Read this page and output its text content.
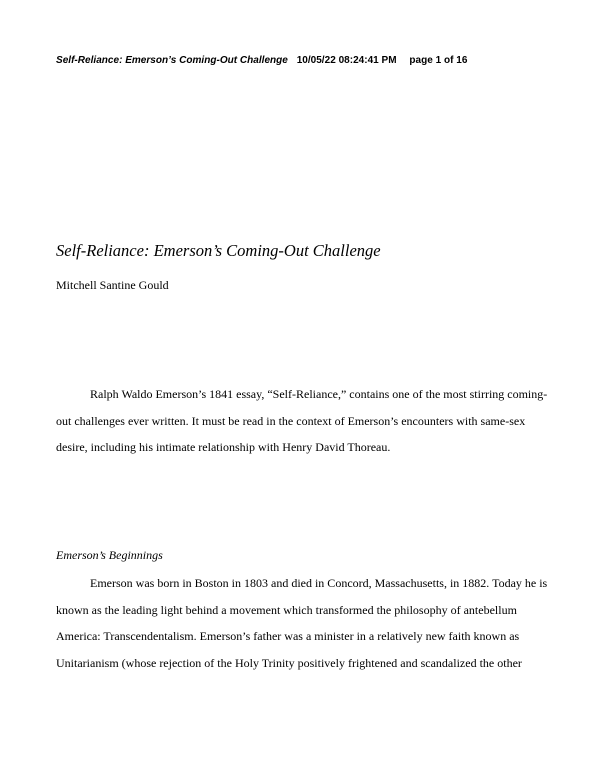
Self-Reliance: Emerson’s Coming-Out Challenge 10/05/22 08:24:41 PM page 1 of 16
Self-Reliance: Emerson’s Coming-Out Challenge
Mitchell Santine Gould
Ralph Waldo Emerson’s 1841 essay, “Self-Reliance,” contains one of the most stirring coming-
out challenges ever written. It must be read in the context of Emerson’s encounters with same-sex
desire, including his intimate relationship with Henry David Thoreau.
Emerson’s Beginnings
Emerson was born in Boston in 1803 and died in Concord, Massachusetts, in 1882. Today he is
known as the leading light behind a movement which transformed the philosophy of antebellum
America: Transcendentalism. Emerson’s father was a minister in a relatively new faith known as
Unitarianism (whose rejection of the Holy Trinity positively frightened and scandalized the other
